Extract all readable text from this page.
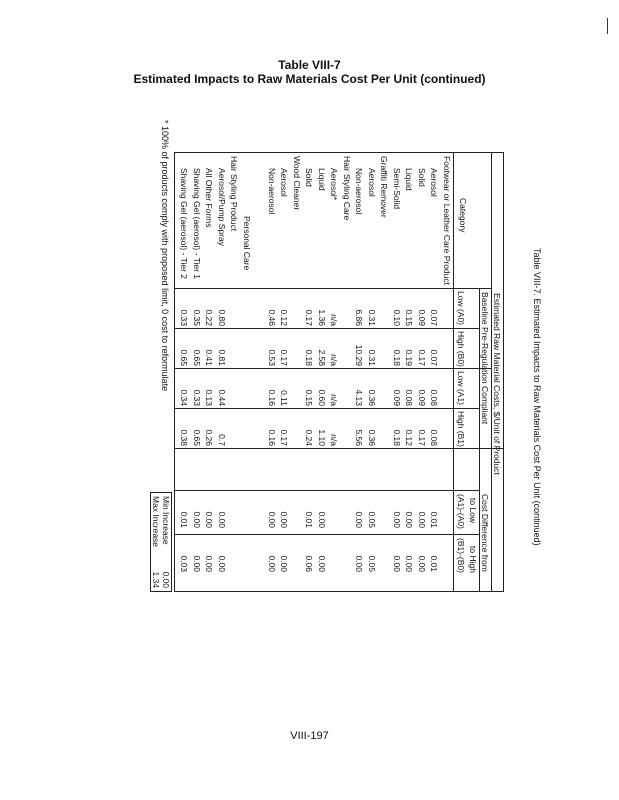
Table VIII-7
Estimated Impacts to Raw Materials Cost Per Unit (continued)
Table VIII-7. Estimated Impacts to Raw Materials Cost Per Unit (continued)
Estimated Raw Material Costs, $/Unit of Product
Baseline Pre-Regulation
Compliant
Cost Difference from
to Low
to High
Category
Low (A0)
High (B0)
Low (A1)
High (B1)
(A1)-(A0)
(B1)-(B0)
Footwear or Leather Care Product
Aerosol
0.07
0.07
0.08
0.08
0.01
0.01
Solid
0.09
0.17
0.09
0.17
0.00
0.00
Liquid
0.15
0.19
0.08
0.12
0.00
0.00
Semi-Solid
0.10
0.18
0.09
0.18
0.00
0.00
Graffiti Remover
Aerosol
0.31
0.31
0.36
0.36
0.05
0.05
Non-aerosol
6.86
10.29
4.13
5.56
0.00
0.00
Hair Styling Care
Aerosol*
n/a
n/a
n/a
n/a
Liquid
1.36
2.58
0.60
1.10
0.00
0.00
Solid
0.17
0.18
0.15
0.24
0.01
0.06
Wood Cleaner
Aerosol
0.12
0.17
0.11
0.17
0.00
0.00
Non-aerosol
0.46
0.53
0.16
0.16
0.00
0.00
Personal Care
Hair Styling Product
Aerosol/Pump Spray
0.80
0.81
0.44
0.7
0.00
0.00
All Other Forms
0.22
0.41
0.13
0.26
0.00
0.00
Shaving Gel (aerosol) - Tier 1
0.35
0.65
0.33
0.65
0.00
0.00
Shaving Gel (aerosol) - Tier 2
0.33
0.65
0.34
0.38
0.01
0.03
Min Increase
0.00
Max Increase
1.34
* 100% of products comply with proposed limit, 0 cost to reformulate
VIII-197
